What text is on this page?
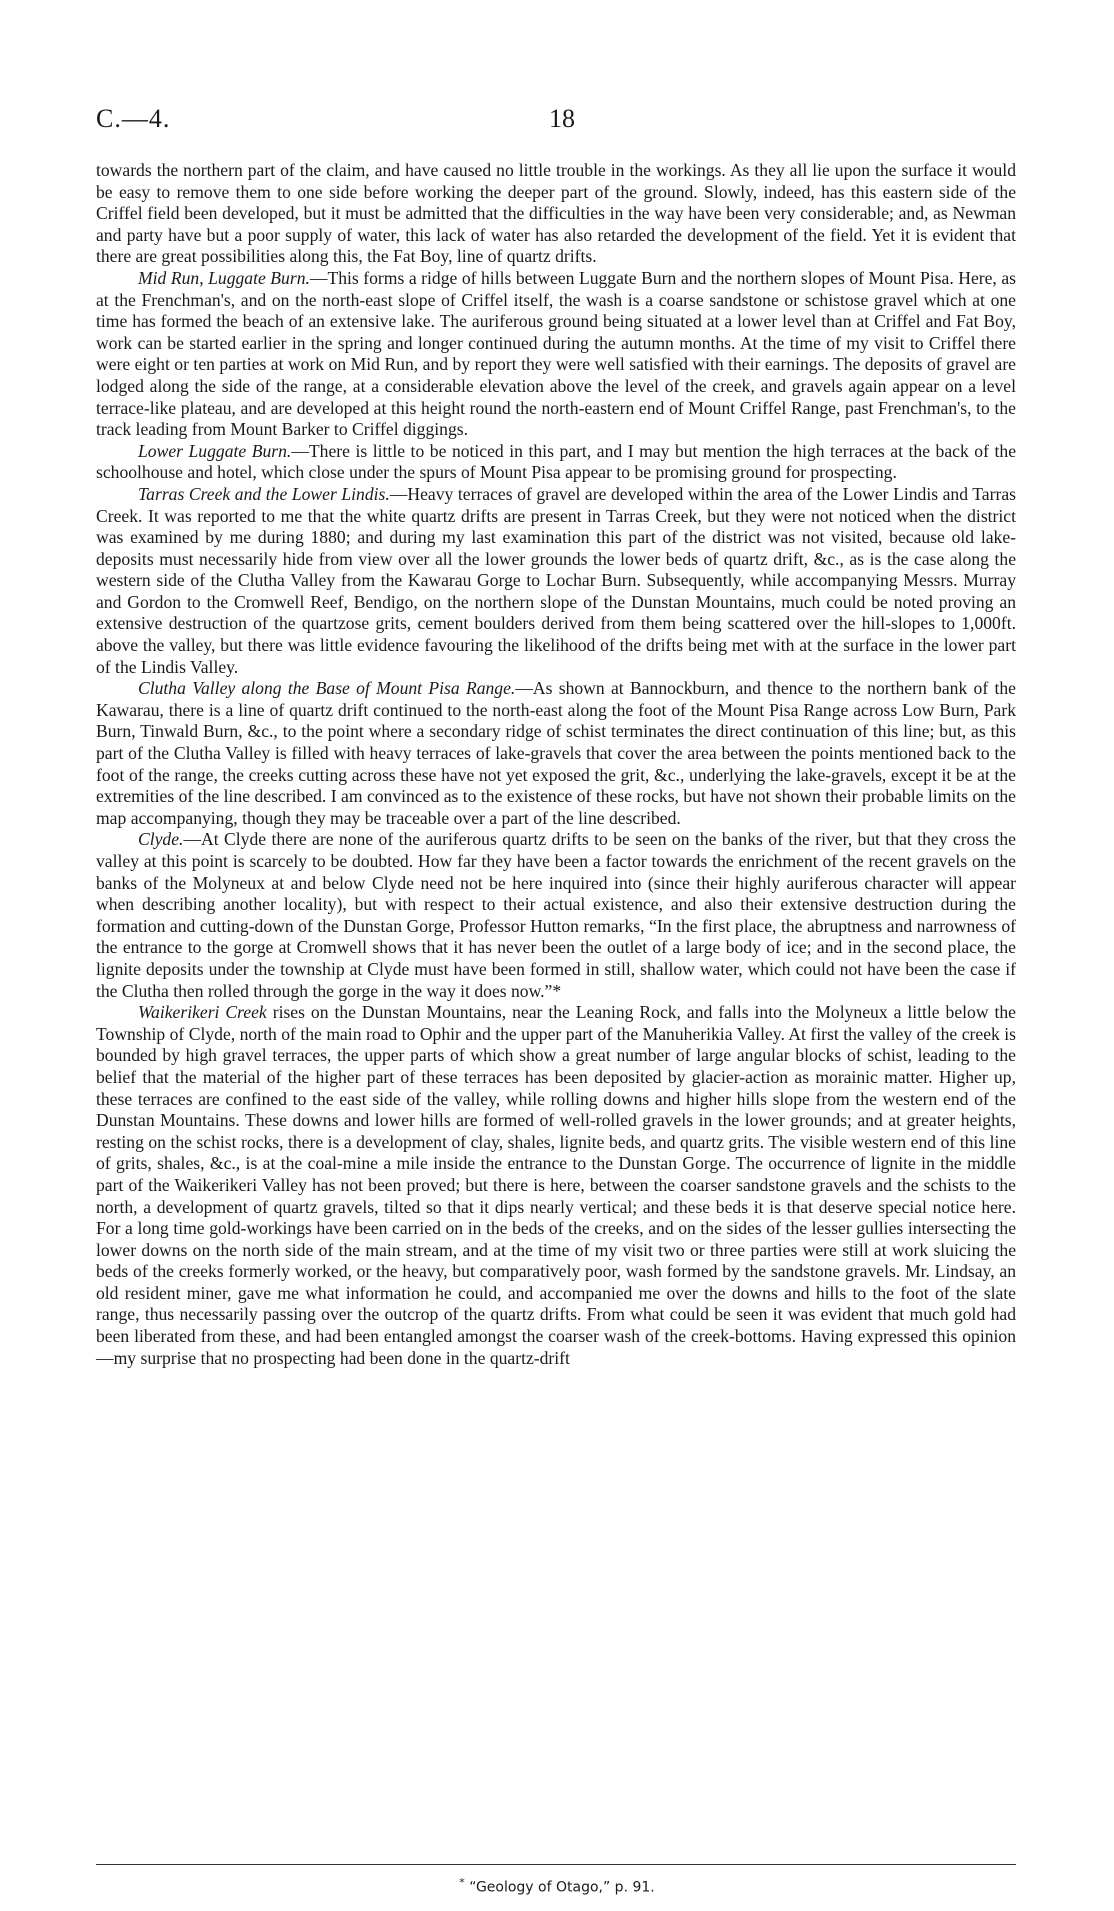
C.—4.	18

towards the northern part of the claim, and have caused no little trouble in the workings. As they all lie upon the surface it would be easy to remove them to one side before working the deeper part of the ground. Slowly, indeed, has this eastern side of the Criffel field been developed, but it must be admitted that the difficulties in the way have been very considerable; and, as Newman and party have but a poor supply of water, this lack of water has also retarded the development of the field. Yet it is evident that there are great possibilities along this, the Fat Boy, line of quartz drifts.

Mid Run, Luggate Burn.—This forms a ridge of hills between Luggate Burn and the northern slopes of Mount Pisa. Here, as at the Frenchman's, and on the north-east slope of Criffel itself, the wash is a coarse sandstone or schistose gravel which at one time has formed the beach of an extensive lake. The auriferous ground being situated at a lower level than at Criffel and Fat Boy, work can be started earlier in the spring and longer continued during the autumn months. At the time of my visit to Criffel there were eight or ten parties at work on Mid Run, and by report they were well satisfied with their earnings. The deposits of gravel are lodged along the side of the range, at a considerable elevation above the level of the creek, and gravels again appear on a level terrace-like plateau, and are developed at this height round the north-eastern end of Mount Criffel Range, past Frenchman's, to the track leading from Mount Barker to Criffel diggings.

Lower Luggate Burn.—There is little to be noticed in this part, and I may but mention the high terraces at the back of the schoolhouse and hotel, which close under the spurs of Mount Pisa appear to be promising ground for prospecting.

Tarras Creek and the Lower Lindis.—Heavy terraces of gravel are developed within the area of the Lower Lindis and Tarras Creek. It was reported to me that the white quartz drifts are present in Tarras Creek, but they were not noticed when the district was examined by me during 1880; and during my last examination this part of the district was not visited, because old lake-deposits must necessarily hide from view over all the lower grounds the lower beds of quartz drift, &c., as is the case along the western side of the Clutha Valley from the Kawarau Gorge to Lochar Burn. Subsequently, while accompanying Messrs. Murray and Gordon to the Cromwell Reef, Bendigo, on the northern slope of the Dunstan Mountains, much could be noted proving an extensive destruction of the quartzose grits, cement boulders derived from them being scattered over the hill-slopes to 1,000ft. above the valley, but there was little evidence favouring the likelihood of the drifts being met with at the surface in the lower part of the Lindis Valley.

Clutha Valley along the Base of Mount Pisa Range.—As shown at Bannockburn, and thence to the northern bank of the Kawarau, there is a line of quartz drift continued to the north-east along the foot of the Mount Pisa Range across Low Burn, Park Burn, Tinwald Burn, &c., to the point where a secondary ridge of schist terminates the direct continuation of this line; but, as this part of the Clutha Valley is filled with heavy terraces of lake-gravels that cover the area between the points mentioned back to the foot of the range, the creeks cutting across these have not yet exposed the grit, &c., underlying the lake-gravels, except it be at the extremities of the line described. I am convinced as to the existence of these rocks, but have not shown their probable limits on the map accompanying, though they may be traceable over a part of the line described.

Clyde.—At Clyde there are none of the auriferous quartz drifts to be seen on the banks of the river, but that they cross the valley at this point is scarcely to be doubted. How far they have been a factor towards the enrichment of the recent gravels on the banks of the Molyneux at and below Clyde need not be here inquired into (since their highly auriferous character will appear when describing another locality), but with respect to their actual existence, and also their extensive destruction during the formation and cutting-down of the Dunstan Gorge, Professor Hutton remarks, “In the first place, the abruptness and narrowness of the entrance to the gorge at Cromwell shows that it has never been the outlet of a large body of ice; and in the second place, the lignite deposits under the township at Clyde must have been formed in still, shallow water, which could not have been the case if the Clutha then rolled through the gorge in the way it does now.”*

Waikerikeri Creek rises on the Dunstan Mountains, near the Leaning Rock, and falls into the Molyneux a little below the Township of Clyde, north of the main road to Ophir and the upper part of the Manuherikia Valley. At first the valley of the creek is bounded by high gravel terraces, the upper parts of which show a great number of large angular blocks of schist, leading to the belief that the material of the higher part of these terraces has been deposited by glacier-action as morainic matter. Higher up, these terraces are confined to the east side of the valley, while rolling downs and higher hills slope from the western end of the Dunstan Mountains. These downs and lower hills are formed of well-rolled gravels in the lower grounds; and at greater heights, resting on the schist rocks, there is a development of clay, shales, lignite beds, and quartz grits. The visible western end of this line of grits, shales, &c., is at the coal-mine a mile inside the entrance to the Dunstan Gorge. The occurrence of lignite in the middle part of the Waikerikeri Valley has not been proved; but there is here, between the coarser sandstone gravels and the schists to the north, a development of quartz gravels, tilted so that it dips nearly vertical; and these beds it is that deserve special notice here. For a long time gold-workings have been carried on in the beds of the creeks, and on the sides of the lesser gullies intersecting the lower downs on the north side of the main stream, and at the time of my visit two or three parties were still at work sluicing the beds of the creeks formerly worked, or the heavy, but comparatively poor, wash formed by the sandstone gravels. Mr. Lindsay, an old resident miner, gave me what information he could, and accompanied me over the downs and hills to the foot of the slate range, thus necessarily passing over the outcrop of the quartz drifts. From what could be seen it was evident that much gold had been liberated from these, and had been entangled amongst the coarser wash of the creek-bottoms. Having expressed this opinion—my surprise that no prospecting had been done in the quartz-drift

* “Geology of Otago,” p. 91.
